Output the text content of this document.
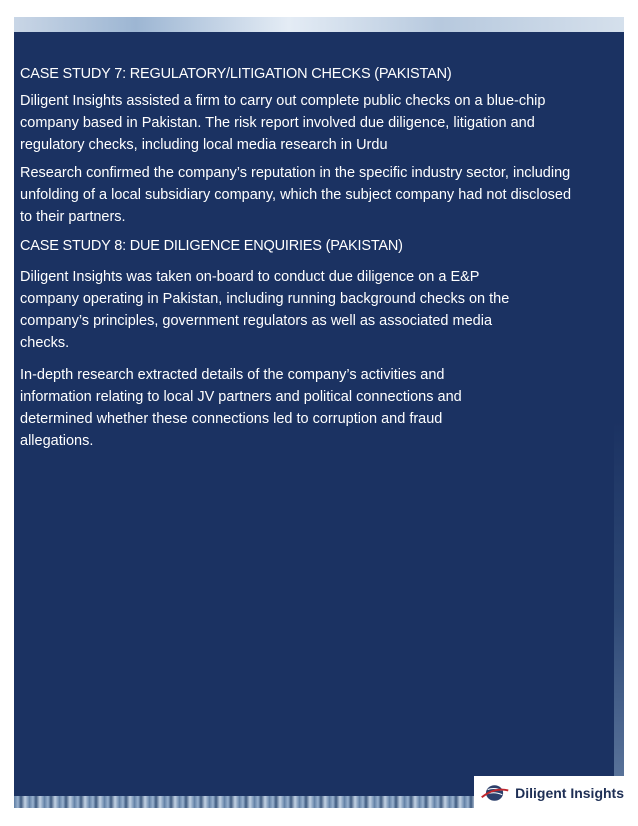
CASE STUDY 7: REGULATORY/LITIGATION CHECKS (PAKISTAN)

Diligent Insights assisted a firm to carry out complete public checks on a blue-chip company based in Pakistan. The risk report involved due diligence, litigation and regulatory checks, including local media research in Urdu

Research confirmed the company’s reputation in the specific industry sector, including unfolding of a local subsidiary company, which the subject company had not disclosed to their partners.

CASE STUDY 8: DUE DILIGENCE ENQUIRIES (PAKISTAN)

Diligent Insights was taken on-board to conduct due diligence on a E&P company operating in Pakistan, including running background checks on the company’s principles, government regulators as well as associated media checks.

In-depth research extracted details of the company’s activities and information relating to local JV partners and political connections and determined whether these connections led to corruption and fraud allegations.

Diligent Insights
